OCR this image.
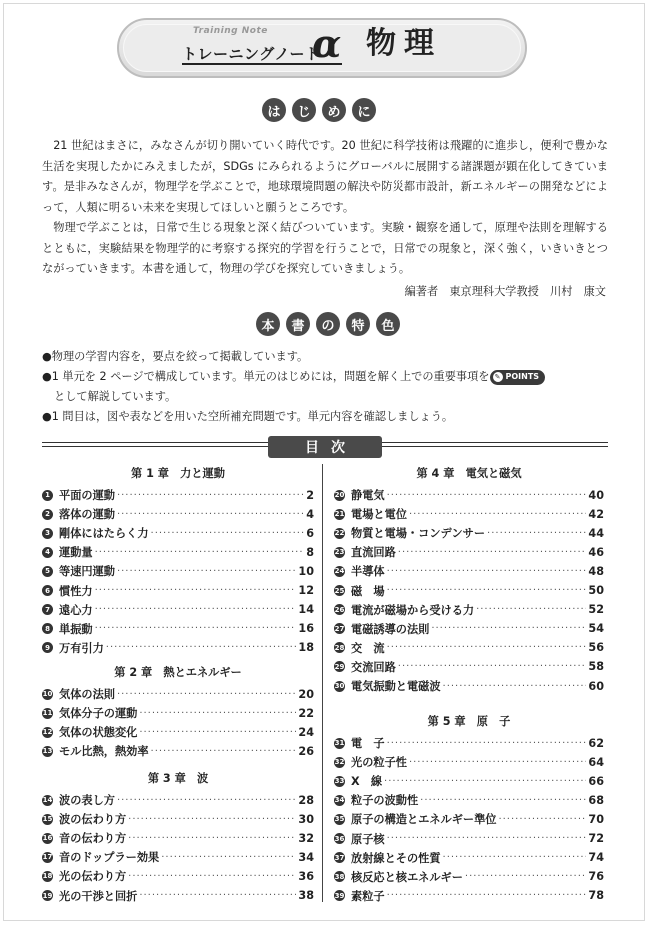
Training Note
トレーニングノート
α 物理
は	じ	め	に

21 世紀はまさに，みなさんが切り開いていく時代です。20 世紀に科学技術は飛躍的に進歩し，便利で豊かな生活を実現したかにみえましたが，SDGs にみられるようにグローバルに展開する諸課題が顕在化してきています。是非みなさんが，物理学を学ぶことで，地球環境問題の解決や防災都市設計，新エネルギーの開発などによって，人類に明るい未来を実現してほしいと願うところです。

物理で学ぶことは，日常で生じる現象と深く結びついています。実験・観察を通して，原理や法則を理解するとともに，実験結果を物理学的に考察する探究的学習を行うことで，日常での現象と，深く強く，いきいきとつながっていきます。本書を通して，物理の学びを探究していきましょう。

編著者　東京理科大学教授　川村　康文
本	書	の	特	色

●物理の学習内容を，要点を絞って掲載しています。

●1 単元を 2 ページで構成しています。単元のはじめには，問題を解く上での重要事項を ✎ POINTS

として解説しています。

●1 問目は，図や表などを用いた空所補充問題です。単元内容を確認しましょう。

目次
第 1 章　力と運動
1 平面の運動 ·····	2
2 落体の運動 ·····	4
3 剛体にはたらく力 ·····	6
4 運動量 ·····	8
5 等速円運動 ·····	10
6 慣性力 ·····	12
7 遠心力 ·····	14
8 単振動 ·····	16
9 万有引力 ·····	18
第 2 章　熱とエネルギー
10 気体の法則 ·····	20
11 気体分子の運動 ·····	22
12 気体の状態変化 ·····	24
13 モル比熱，熱効率 ·····	26
第 3 章　波
14 波の表し方 ·····	28
15 波の伝わり方 ·····	30
16 音の伝わり方 ·····	32
17 音のドップラー効果 ·····	34
18 光の伝わり方 ·····	36
19 光の干渉と回折 ·····	38
第 4 章　電気と磁気
20 静電気 ·····	40
21 電場と電位 ·····	42
22 物質と電場・コンデンサー ·····	44
23 直流回路 ·····	46
24 半導体 ·····	48
25 磁　場 ·····	50
26 電流が磁場から受ける力 ·····	52
27 電磁誘導の法則 ·····	54
28 交　流 ·····	56
29 交流回路 ·····	58
30 電気振動と電磁波 ·····	60
第 5 章　原　子
31 電　子 ·····	62
32 光の粒子性 ·····	64
33 X　線 ·····	66
34 粒子の波動性 ·····	68
35 原子の構造とエネルギー準位 ·····	70
36 原子核 ·····	72
37 放射線とその性質 ·····	74
38 核反応と核エネルギー ·····	76
39 素粒子 ·····	78
